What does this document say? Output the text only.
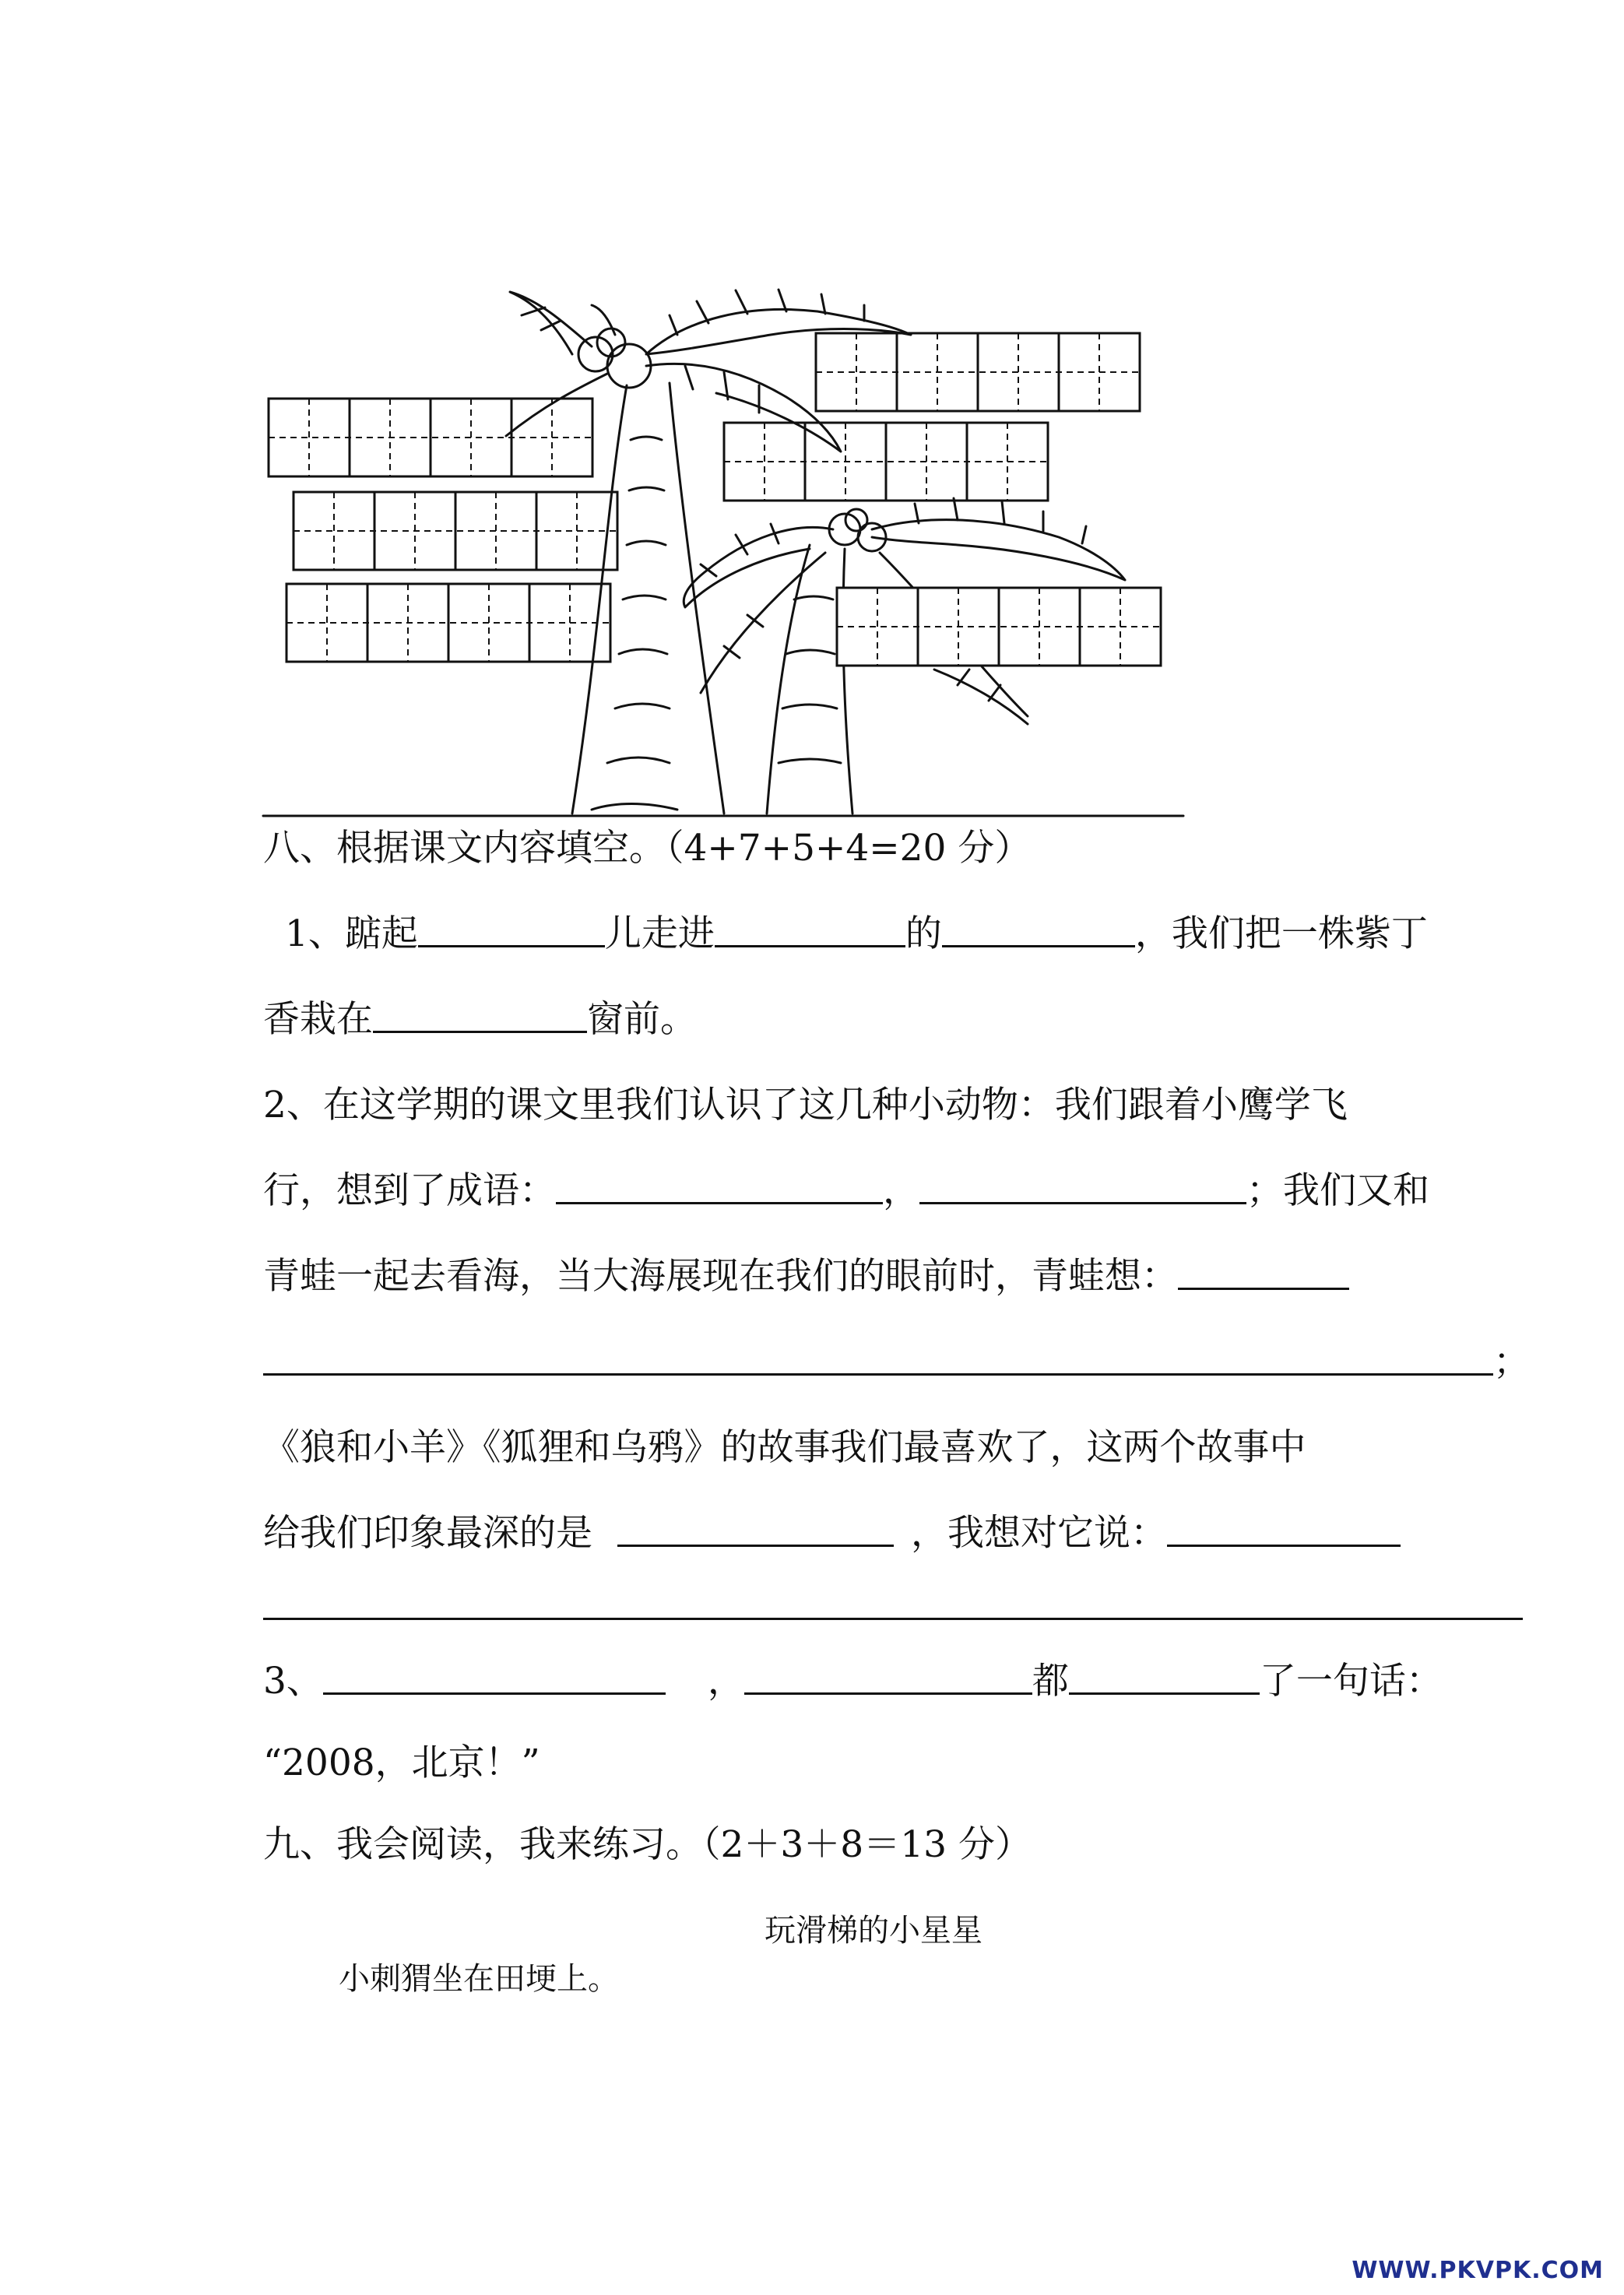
八、根据课文内容填空。（4+7+5+4=20 分）
1、踮起	儿走进	的	，我们把一株紫丁
香栽在	窗前。
2、在这学期的课文里我们认识了这几种小动物：我们跟着小鹰学飞
行，想到了成语：	，	；我们又和
青蛙一起去看海，当大海展现在我们的眼前时，青蛙想：
；
《狼和小羊》《狐狸和乌鸦》的故事我们最喜欢了，这两个故事中
给我们印象最深的是	，我想对它说：
3、	，	都	了一句话：
“2008，北京！”
九、我会阅读，我来练习。（2＋3＋8＝13 分）
玩滑梯的小星星
小刺猬坐在田埂上。
WWW.PKVPK.COM
